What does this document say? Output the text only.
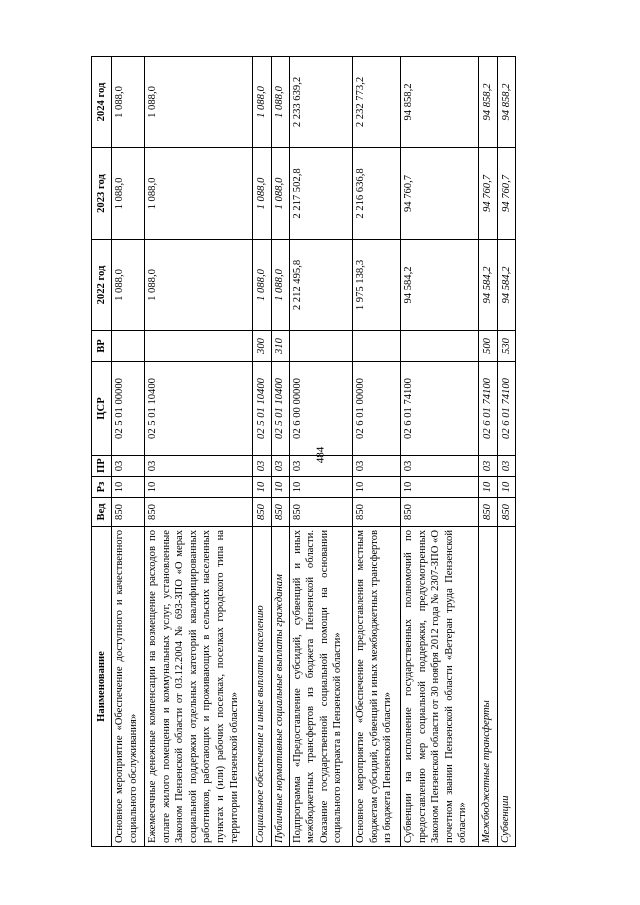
484
Наименование	Вед	Рз	ПР	ЦСР	ВР	2022 год	2023 год	2024 год
Основное мероприятие «Обеспечение доступного и качественного социального обслуживания»	850	10	03	02 5 01 00000		1 088,0	1 088,0	1 088,0
Ежемесячные денежные компенсации на возмещение расходов по оплате жилого помещения и коммунальных услуг, установленные Законом Пензенской области от 03.12.2004 № 693-ЗПО «О мерах социальной поддержки отдельных категорий квалифицированных работников, работающих и проживающих в сельских населенных пунктах и (или) рабочих поселках, поселках городского типа на территории Пензенской области»	850	10	03	02 5 01 10400		1 088,0	1 088,0	1 088,0
Социальное обеспечение и иные выплаты населению	850	10	03	02 5 01 10400	300	1 088,0	1 088,0	1 088,0
Публичные нормативные социальные выплаты гражданам	850	10	03	02 5 01 10400	310	1 088,0	1 088,0	1 088,0
Подпрограмма «Предоставление субсидий, субвенций и иных межбюджетных трансфертов из бюджета Пензенской области. Оказание государственной социальной помощи на основании социального контракта в Пензенской области»	850	10	03	02 6 00 00000		2 212 495,8	2 217 502,8	2 233 639,2
Основное мероприятие «Обеспечение предоставления местным бюджетам субсидий, субвенций и иных межбюджетных трансфертов из бюджета Пензенской области»	850	10	03	02 6 01 00000		1 975 138,3	2 216 636,8	2 232 773,2
Субвенции на исполнение государственных полномочий по предоставлению мер социальной поддержки, предусмотренных Законом Пензенской области от 30 ноября 2012 года № 2307-ЗПО «О почетном звании Пензенской области «Ветеран труда Пензенской области»	850	10	03	02 6 01 74100		94 584,2	94 760,7	94 858,2
Межбюджетные трансферты	850	10	03	02 6 01 74100	500	94 584,2	94 760,7	94 858,2
Субвенции	850	10	03	02 6 01 74100	530	94 584,2	94 760,7	94 858,2
